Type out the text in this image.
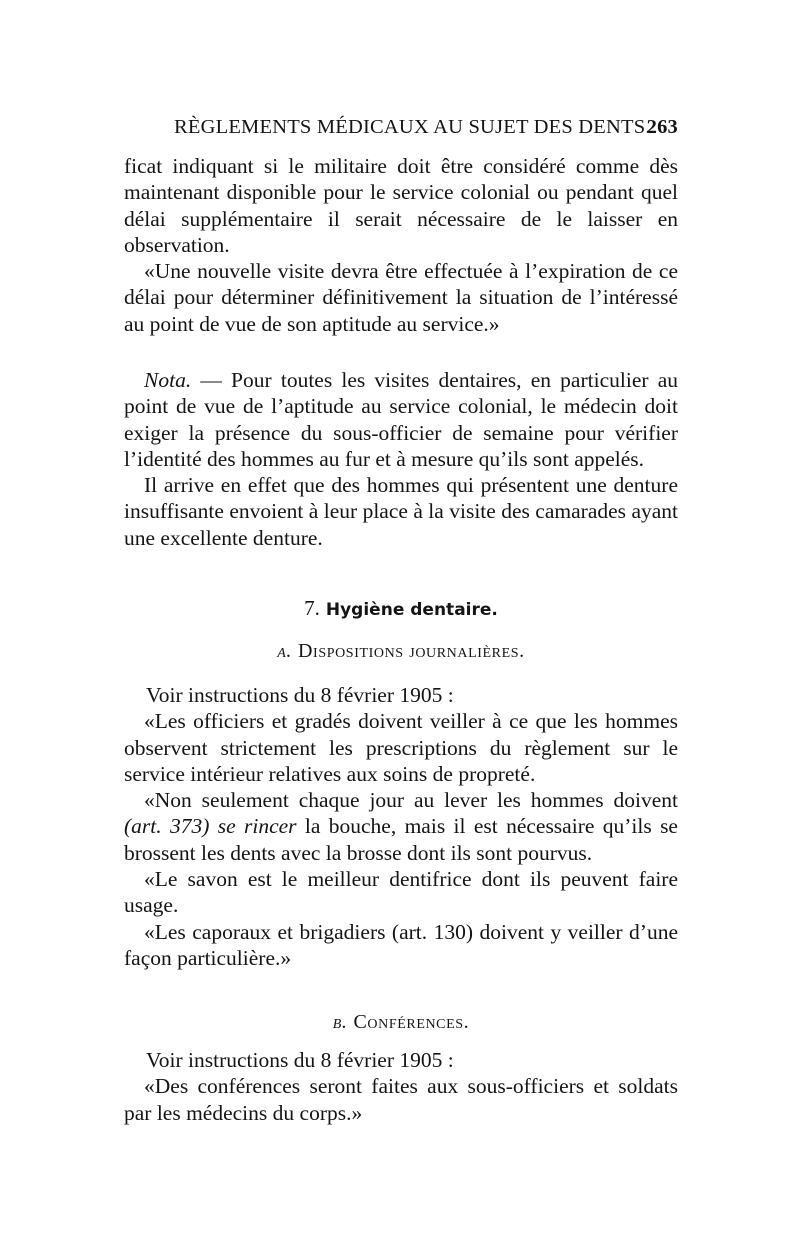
RÈGLEMENTS MÉDICAUX AU SUJET DES DENTS.
263

ficat indiquant si le militaire doit être considéré comme dès maintenant disponible pour le service colonial ou pendant quel délai supplémentaire il serait nécessaire de le laisser en observation.

«Une nouvelle visite devra être effectuée à l’expiration de ce délai pour déterminer définitivement la situation de l’intéressé au point de vue de son aptitude au service.»

Nota. — Pour toutes les visites dentaires, en particulier au point de vue de l’aptitude au service colonial, le médecin doit exiger la présence du sous-officier de semaine pour vérifier l’identité des hommes au fur et à mesure qu’ils sont appelés.

Il arrive en effet que des hommes qui présentent une denture insuffisante envoient à leur place à la visite des camarades ayant une excellente denture.

7. Hygiène dentaire.
a. Dispositions journalières.

Voir instructions du 8 février 1905 :

«Les officiers et gradés doivent veiller à ce que les hommes observent strictement les prescriptions du règlement sur le service intérieur relatives aux soins de propreté.

«Non seulement chaque jour au lever les hommes doivent (art. 373) se rincer la bouche, mais il est nécessaire qu’ils se brossent les dents avec la brosse dont ils sont pourvus.

«Le savon est le meilleur dentifrice dont ils peuvent faire usage.

«Les caporaux et brigadiers (art. 130) doivent y veiller d’une façon particulière.»

b. Conférences.

Voir instructions du 8 février 1905 :

«Des conférences seront faites aux sous-officiers et soldats par les médecins du corps.»
